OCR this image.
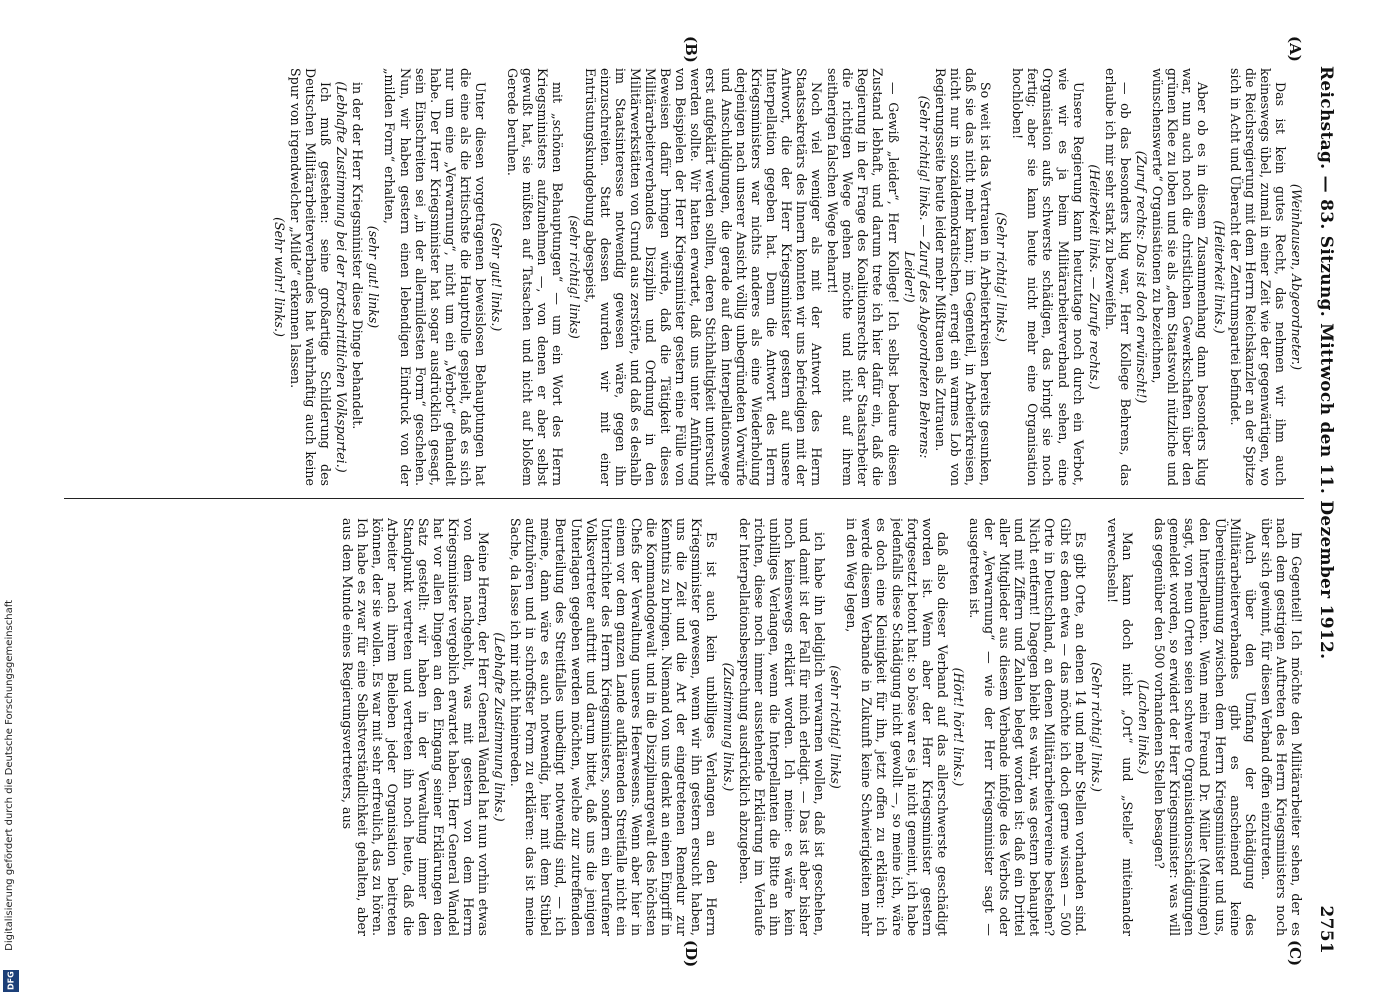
Digitalisierung gefördert durch die Deutsche Forschungsgemeinschaft
DFG
Reichstag. — 83. Sitzung. Mittwoch den 11. Dezember 1912.
2751
(A)
(B)
(C)
(D)

(Weinhausen, Abgeordneter.)

Das ist kein gutes Recht, das nehmen wir ihm auch keineswegs übel, zumal in einer Zeit wie der gegenwärtigen, wo die Reichsregierung mit dem Herrn Reichskanzler an der Spitze sich in Acht und Überacht der Zentrumspartei befindet.

(Heiterkeit links.)

Aber ob es in diesem Zusammenhang dann besonders klug war, nun auch noch die christlichen Gewerkschaften über den grünen Klee zu loben und sie als „dem Staatswohl nützliche und wünschenswerte“ Organisationen zu bezeichnen,

(Zuruf rechts: Das ist doch erwünscht!)

— ob das besonders klug war, Herr Kollege Behrens, das erlaube ich mir sehr stark zu bezweifeln.

(Heiterkeit links. — Zurufe rechts.)

Unsere Regierung kann heutzutage noch durch ein Verbot, wie wir es ja beim Militärarbeiterverband sehen, eine Organisation aufs schwerste schädigen, das bringt sie noch fertig; aber sie kann heute nicht mehr eine Organisation hochloben!

(Sehr richtig! links.)

So weit ist das Vertrauen in Arbeiterkreisen bereits gesunken, daß sie das nicht mehr kann; im Gegenteil, in Arbeiterkreisen, nicht nur in sozialdemokratischen, erregt ein warmes Lob von Regierungsseite heute leider mehr Mißtrauen als Zutrauen.

(Sehr richtig! links. — Zuruf des Abgeordneten Behrens: Leider!)

— Gewiß „leider“, Herr Kollege! Ich selbst bedaure diesen Zustand lebhaft, und darum trete ich hier dafür ein, daß die Regierung in der Frage des Koalitionsrechts der Staatsarbeiter die richtigen Wege gehen möchte und nicht auf ihrem seitherigen falschen Wege beharrt!

Noch viel weniger als mit der Antwort des Herrn Staatssekretärs des Innern konnten wir uns befriedigen mit der Antwort, die der Herr Kriegsminister gestern auf unsere Interpellation gegeben hat. Denn die Antwort des Herrn Kriegsministers war nichts anderes als eine Wiederholung derjenigen nach unserer Ansicht völlig unbegründeten Vorwürfe und Anschuldigungen, die gerade auf dem Interpellationswege erst aufgeklärt werden sollten, deren Stichhaltigkeit untersucht werden sollte. Wir hatten erwartet, daß uns unter Anführung von Beispielen der Herr Kriegsminister gestern eine Fülle von Beweisen dafür bringen würde, daß die Tätigkeit dieses Militärarbeiterverbandes Disziplin und Ordnung in den Militärwerkstätten von Grund aus zerstörte, und daß es deshalb im Staatsinteresse notwendig gewesen wäre, gegen ihn einzuschreiten. Statt dessen wurden wir mit einer Entrüstungskundgebung abgespeist,

(sehr richtig! links)

mit „schönen Behauptungen“ — um ein Wort des Herrn Kriegsministers aufzunehmen —, von denen er aber selbst gewußt hat, sie müßten auf Tatsachen und nicht auf bloßem Gerede beruhen.

(Sehr gut! links.)

Unter diesen vorgetragenen beweislosen Behauptungen hat die eine als die kritischste die Hauptrolle gespielt, daß es sich nur um eine „Verwarnung“, nicht um ein „Verbot“ gehandelt habe. Der Herr Kriegsminister hat sogar ausdrücklich gesagt, sein Einschreiten sei „in der allermildesten Form“ geschehen. Nun, wir haben gestern einen lebendigen Eindruck von der „milden Form“ erhalten,

(sehr gut! links)

in der der Herr Kriegsminister diese Dinge behandelt.

(Lebhafte Zustimmung bei der Fortschrittlichen Volkspartei.)

Ich muß gestehen: seine großartige Schilderung des Deutschen Militärarbeiterverbandes hat wahrhaftig auch keine Spur von irgendwelcher „Milde“ erkennen lassen.

(Sehr wahr! links.)

Im Gegenteil! Ich möchte den Militärarbeiter sehen, der es nach dem gestrigen Auftreten des Herrn Kriegsministers noch über sich gewinnt, für diesen Verband offen einzutreten.

Auch über den Umfang der Schädigung des Militärarbeiterverbandes gibt es anscheinend keine Übereinstimmung zwischen dem Herrn Kriegsminister und uns, den Interpellanten. Wenn mein Freund Dr. Müller (Meiningen) sagt, von neun Orten seien schwere Organisationsschädigungen gemeldet worden, so erwidert der Herr Kriegsminister: was will das gegenüber den 500 vorhandenen Stellen besagen?

(Lachen links.)

Man kann doch nicht „Ort“ und „Stelle“ miteinander verwechseln!

(Sehr richtig! links.)

Es gibt Orte, an denen 14 und mehr Stellen vorhanden sind. Gibt es denn etwa — das möchte ich doch gerne wissen — 500 Orte in Deutschland, an denen Militärarbeitervereine bestehen? Nicht entfernt! Dagegen bleibt es wahr, was gestern behauptet und mit Ziffern und Zahlen belegt worden ist: daß ein Drittel aller Mitglieder aus diesem Verbande infolge des Verbots oder der „Verwarnung“ — wie der Herr Kriegsminister sagt — ausgetreten ist.

(Hört! hört! links.)

daß also dieser Verband auf das allerschwerste geschädigt worden ist. Wenn aber der Herr Kriegsminister gestern fortgesetzt betont hat: so böse war es ja nicht gemeint, ich habe jedenfalls diese Schädigung nicht gewollt —, so meine ich, wäre es doch eine Kleinigkeit für ihn, jetzt offen zu erklären: ich werde diesem Verbande in Zukunft keine Schwierigkeiten mehr in den Weg legen,

(sehr richtig! links)

ich habe ihn lediglich verwarnen wollen, daß ist geschehen, und damit ist der Fall für mich erledigt. — Das ist aber bisher noch keineswegs erklärt worden. Ich meine: es wäre kein unbilliges Verlangen, wenn die Interpellanten die Bitte an ihn richten, diese noch immer ausstehende Erklärung im Verlaufe der Interpellationsbesprechung ausdrücklich abzugeben.

(Zustimmung links.)

Es ist auch kein unbilliges Verlangen an den Herrn Kriegsminister gewesen, wenn wir ihn gestern ersucht haben, uns die Zeit und die Art der eingetretenen Remedur zur Kenntnis zu bringen. Niemand von uns denkt an einen Eingriff in die Kommandogewalt und in die Disziplinargewalt des höchsten Chefs der Verwaltung unseres Heerwesens. Wenn aber hier in einem vor dem ganzen Lande aufklärenden Streitfalle nicht ein Unterrichter des Herrn Kriegsministers, sondern ein berufener Volksvertreter auftritt und darum bittet, daß uns die jenigen Unterlagen gegeben werden möchten, welche zur zutreffenden Beurteilung des Streitfalles unbedingt notwendig sind, — ich meine, dann wäre es auch notwendig, hier mit dem Stübel aufzuhören und in schroffster Form zu erklären: das ist meine Sache, da lasse ich mir nicht hineinreden.

(Lebhafte Zustimmung links.)

Meine Herren, der Herr General Wandel hat nun vorhin etwas von dem nachgeholt, was mit gestern von dem Herrn Kriegsminister vergeblich erwartet haben. Herr General Wandel hat vor allen Dingen an den Eingang seiner Erklärungen den Satz gestellt: wir haben in der Verwaltung immer den Standpunkt vertreten und vertreten ihn noch heute, daß die Arbeiter nach ihrem Belieben jeder Organisation beitreten können, der sie wollen. Es war mit sehr erfreulich, das zu hören. Ich habe es zwar für eine Selbstverständlichkeit gehalten, aber aus dem Munde eines Regierungsvertreters, aus
